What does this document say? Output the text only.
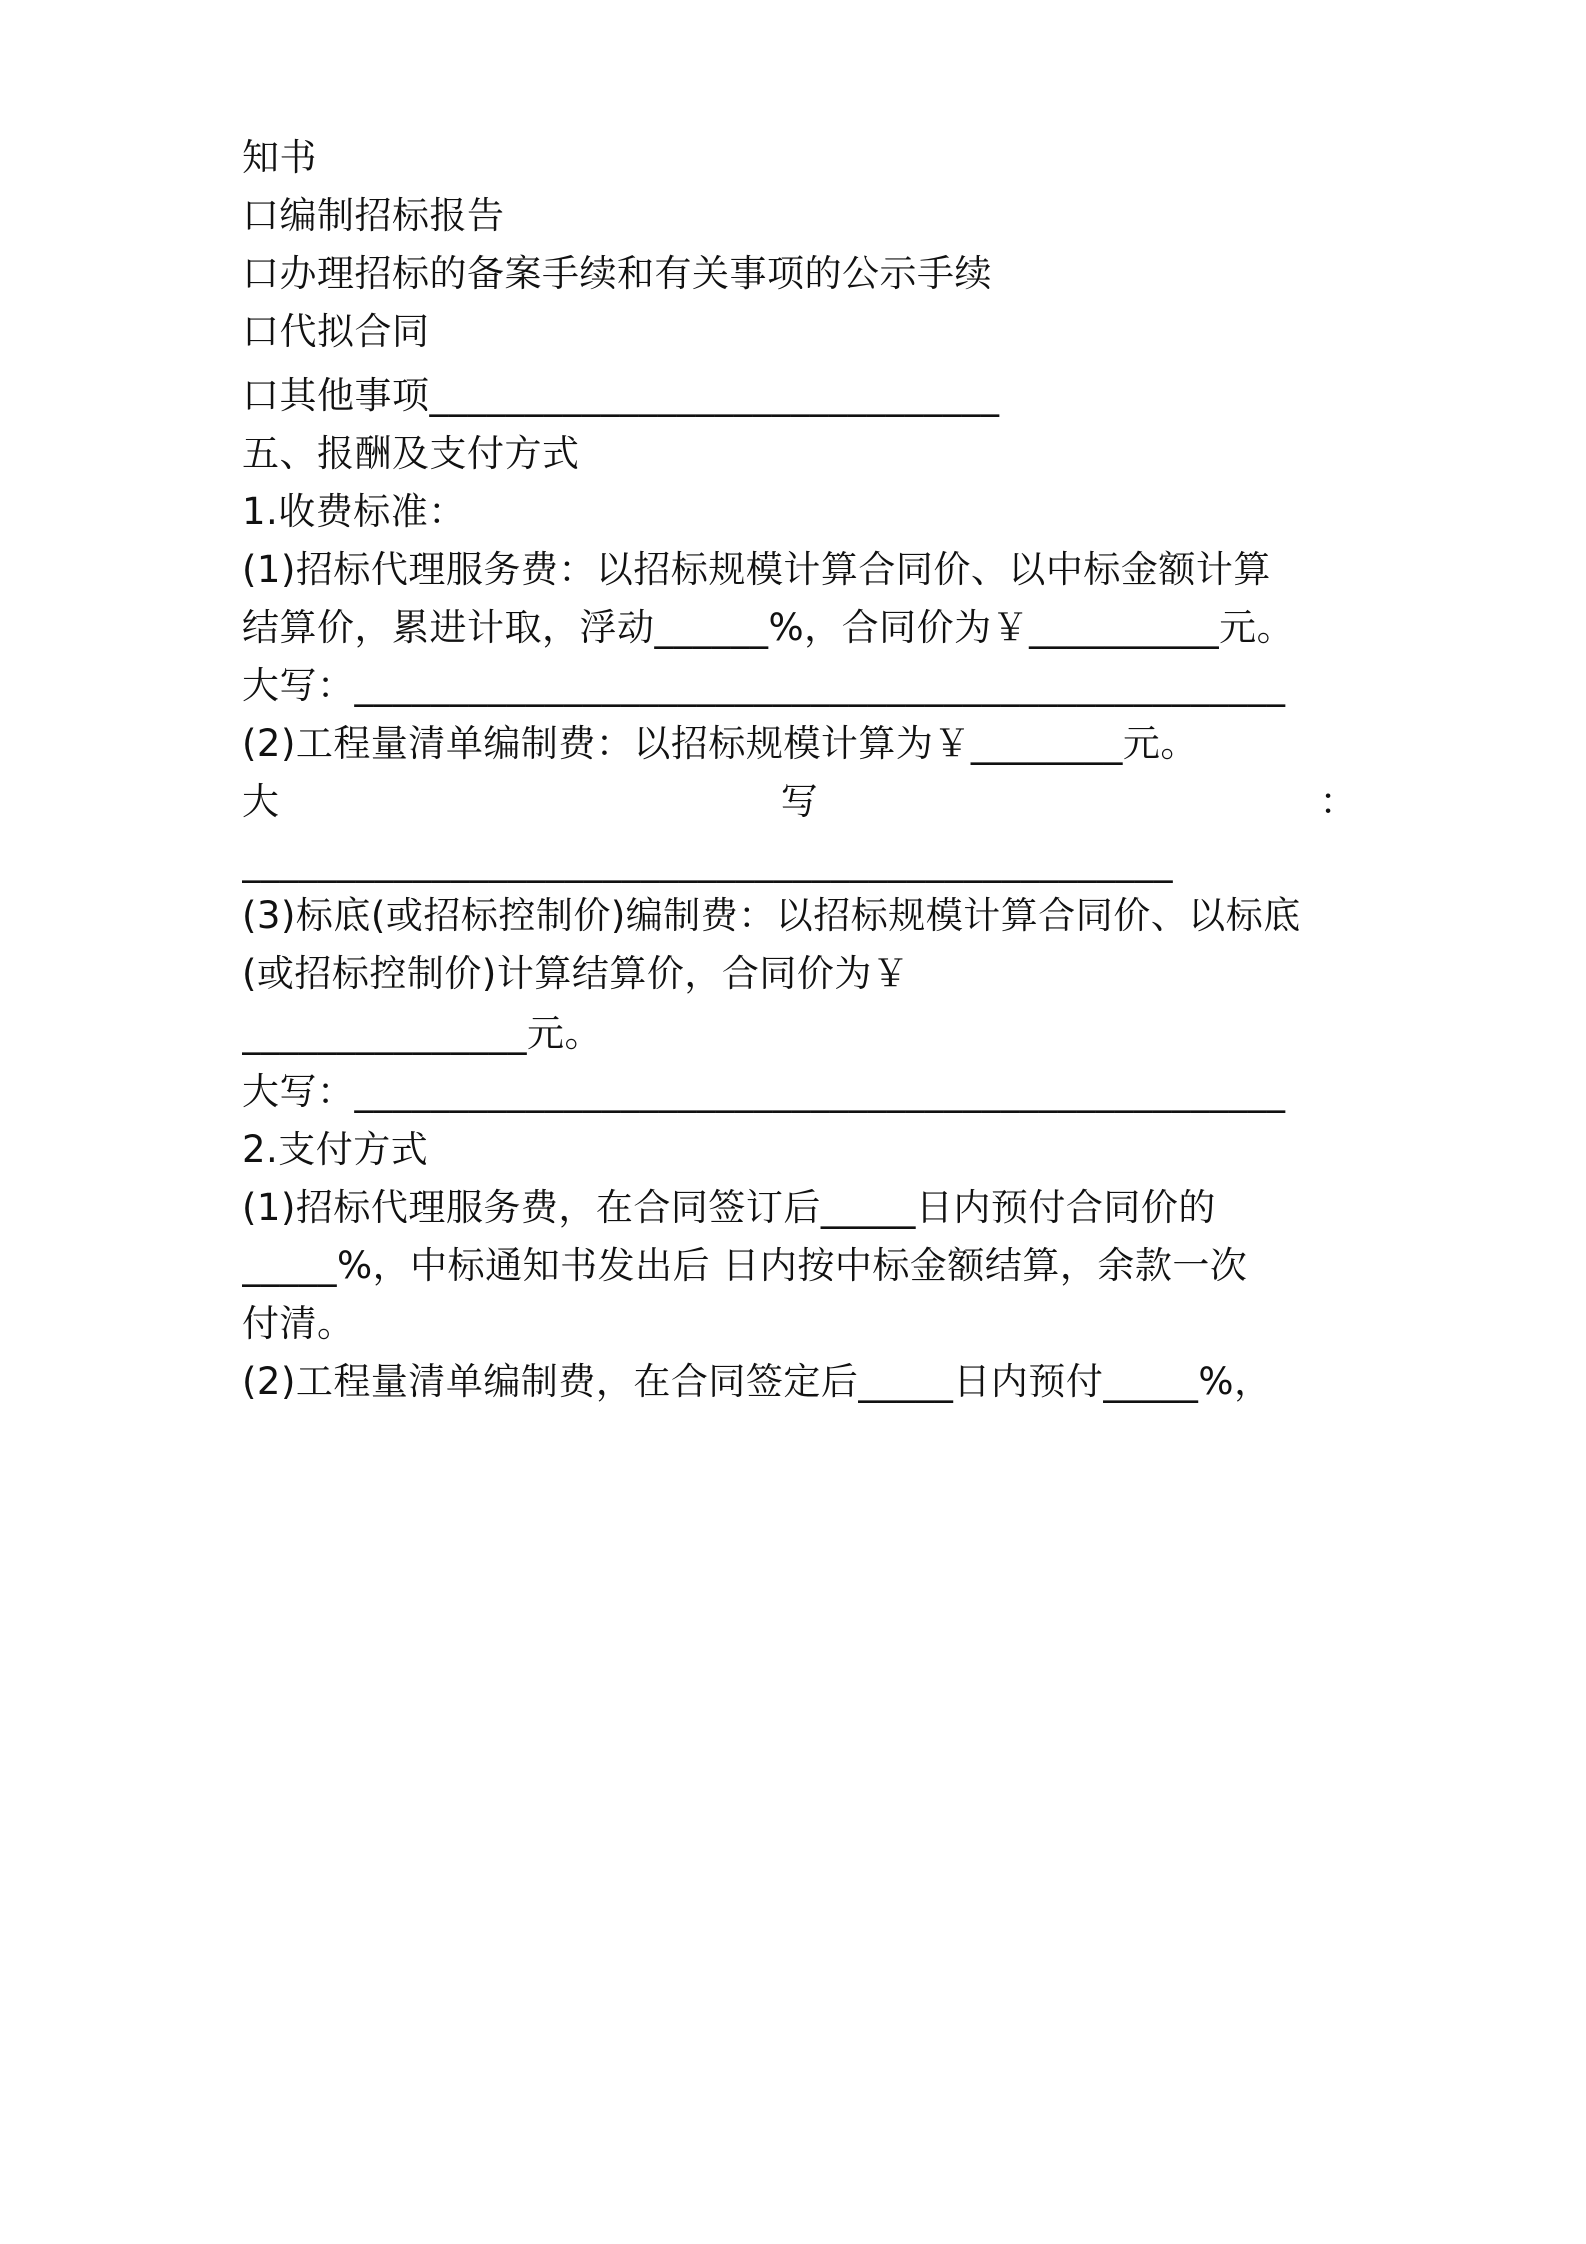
知书
口编制招标报告
口办理招标的备案手续和有关事项的公示手续
口代拟合同
口其他事项______________________________
五、报酬及支付方式
1.收费标准：
(1)招标代理服务费：以招标规模计算合同价、以中标金额计算
结算价，累进计取，浮动______%，合同价为￥__________元。
大写：_________________________________________________
(2)工程量清单编制费：以招标规模计算为￥________元。
大	写	：
_________________________________________________
(3)标底(或招标控制价)编制费：以招标规模计算合同价、以标底
(或招标控制价)计算结算价，合同价为￥
_______________元。
大写：_________________________________________________
2.支付方式
(1)招标代理服务费，在合同签订后_____日内预付合同价的
_____%，中标通知书发出后 日内按中标金额结算，余款一次
付清。
(2)工程量清单编制费，在合同签定后_____日内预付_____%，
